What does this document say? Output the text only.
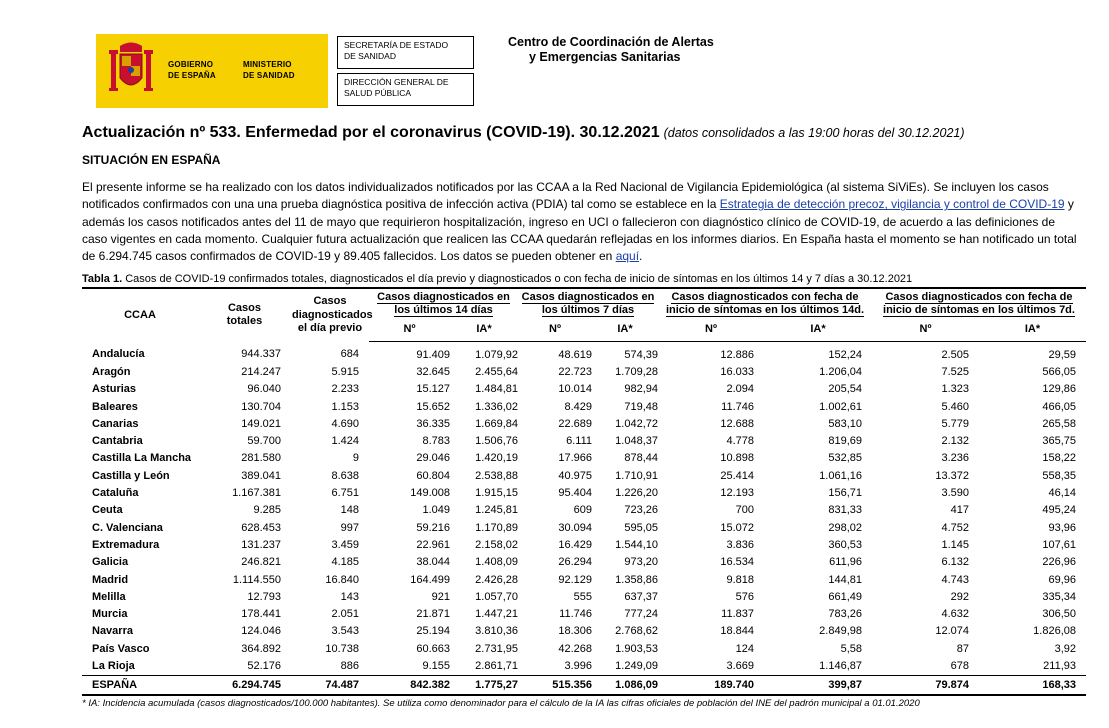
GOBIERNO
DE ESPAÑA
MINISTERIO
DE SANIDAD
SECRETARÍA DE ESTADO
DE SANIDAD
DIRECCIÓN GENERAL DE
SALUD PÚBLICA
Centro de Coordinación de Alertas
y Emergencias Sanitarias
Actualización nº 533. Enfermedad por el coronavirus (COVID-19). 30.12.2021 (datos consolidados a las 19:00 horas del 30.12.2021)
SITUACIÓN EN ESPAÑA
El presente informe se ha realizado con los datos individualizados notificados por las CCAA a la Red Nacional de Vigilancia Epidemiológica (al sistema SiViEs). Se incluyen los casos notificados confirmados con una una prueba diagnóstica positiva de infección activa (PDIA) tal como se establece en la Estrategia de detección precoz, vigilancia y control de COVID-19 y además los casos notificados antes del 11 de mayo que requirieron hospitalización, ingreso en UCI o fallecieron con diagnóstico clínico de COVID-19, de acuerdo a las definiciones de caso vigentes en cada momento. Cualquier futura actualización que realicen las CCAA quedarán reflejadas en los informes diarios. En España hasta el momento se han notificado un total de 6.294.745 casos confirmados de COVID-19 y 89.405 fallecidos. Los datos se pueden obtener en aquí.
Tabla 1. Casos de COVID-19 confirmados totales, diagnosticados el día previo y diagnosticados o con fecha de inicio de síntomas en los últimos 14 y 7 días a 30.12.2021
CCAA	Casos totales	Casos diagnosticados el día previo	Casos diagnosticados en los últimos 14 días		Casos diagnosticados en los últimos 7 días		Casos diagnosticados con fecha de inicio de síntomas en los últimos 14d.		Casos diagnosticados con fecha de inicio de síntomas en los últimos 7d.	
			Nº	IA*	Nº	IA*	Nº	IA*	Nº	IA*
Andalucía	944.337	684	91.409	1.079,92	48.619	574,39	12.886	152,24	2.505	29,59
Aragón	214.247	5.915	32.645	2.455,64	22.723	1.709,28	16.033	1.206,04	7.525	566,05
Asturias	96.040	2.233	15.127	1.484,81	10.014	982,94	2.094	205,54	1.323	129,86
Baleares	130.704	1.153	15.652	1.336,02	8.429	719,48	11.746	1.002,61	5.460	466,05
Canarias	149.021	4.690	36.335	1.669,84	22.689	1.042,72	12.688	583,10	5.779	265,58
Cantabria	59.700	1.424	8.783	1.506,76	6.111	1.048,37	4.778	819,69	2.132	365,75
Castilla La Mancha	281.580	9	29.046	1.420,19	17.966	878,44	10.898	532,85	3.236	158,22
Castilla y León	389.041	8.638	60.804	2.538,88	40.975	1.710,91	25.414	1.061,16	13.372	558,35
Cataluña	1.167.381	6.751	149.008	1.915,15	95.404	1.226,20	12.193	156,71	3.590	46,14
Ceuta	9.285	148	1.049	1.245,81	609	723,26	700	831,33	417	495,24
C. Valenciana	628.453	997	59.216	1.170,89	30.094	595,05	15.072	298,02	4.752	93,96
Extremadura	131.237	3.459	22.961	2.158,02	16.429	1.544,10	3.836	360,53	1.145	107,61
Galicia	246.821	4.185	38.044	1.408,09	26.294	973,20	16.534	611,96	6.132	226,96
Madrid	1.114.550	16.840	164.499	2.426,28	92.129	1.358,86	9.818	144,81	4.743	69,96
Melilla	12.793	143	921	1.057,70	555	637,37	576	661,49	292	335,34
Murcia	178.441	2.051	21.871	1.447,21	11.746	777,24	11.837	783,26	4.632	306,50
Navarra	124.046	3.543	25.194	3.810,36	18.306	2.768,62	18.844	2.849,98	12.074	1.826,08
País Vasco	364.892	10.738	60.663	2.731,95	42.268	1.903,53	124	5,58	87	3,92
La Rioja	52.176	886	9.155	2.861,71	3.996	1.249,09	3.669	1.146,87	678	211,93
ESPAÑA	6.294.745	74.487	842.382	1.775,27	515.356	1.086,09	189.740	399,87	79.874	168,33
* IA: Incidencia acumulada (casos diagnosticados/100.000 habitantes). Se utiliza como denominador para el cálculo de la IA las cifras oficiales de población del INE del padrón municipal a 01.01.2020
